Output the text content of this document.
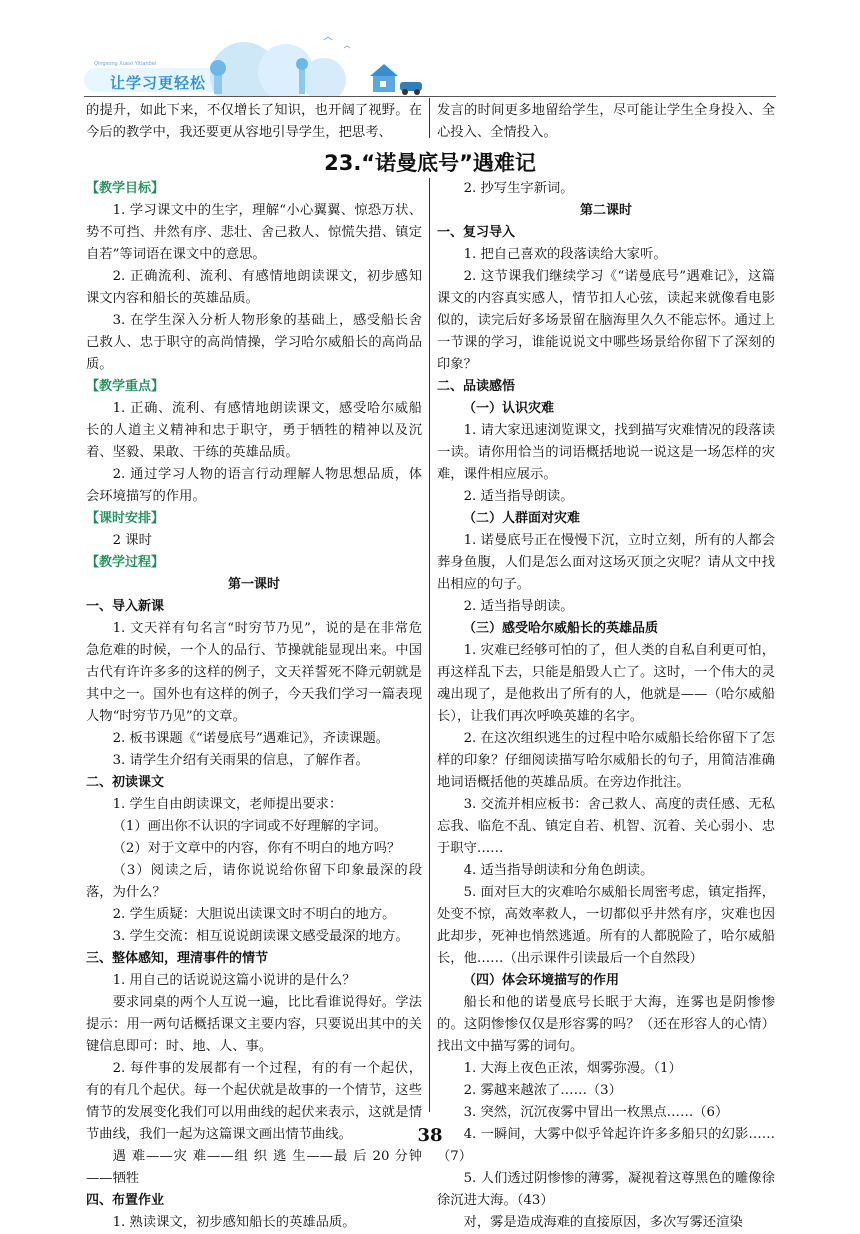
Qingsong Xuexi Yitianbei
让学习更轻松

的提升，如此下来，不仅增长了知识，也开阔了视野。在今后的教学中，我还要更从容地引导学生，把思考、

发言的时间更多地留给学生，尽可能让学生全身投入、全心投入、全情投入。

23.“诺曼底号”遇难记

【教学目标】

1. 学习课文中的生字，理解“小心翼翼、惊恐万状、势不可挡、井然有序、悲壮、舍己救人、惊慌失措、镇定自若”等词语在课文中的意思。

2. 正确流利、流利、有感情地朗读课文，初步感知课文内容和船长的英雄品质。

3. 在学生深入分析人物形象的基础上，感受船长舍己救人、忠于职守的高尚情操，学习哈尔威船长的高尚品质。

【教学重点】

1. 正确、流利、有感情地朗读课文，感受哈尔威船长的人道主义精神和忠于职守，勇于牺牲的精神以及沉着、坚毅、果敢、干练的英雄品质。

2. 通过学习人物的语言行动理解人物思想品质，体会环境描写的作用。

【课时安排】

2 课时

【教学过程】

第一课时

一、导入新课

1. 文天祥有句名言“时穷节乃见”，说的是在非常危急危难的时候，一个人的品行、节操就能显现出来。中国古代有许许多多的这样的例子，文天祥誓死不降元朝就是其中之一。国外也有这样的例子，今天我们学习一篇表现人物“时穷节乃见”的文章。

2. 板书课题《“诺曼底号”遇难记》，齐读课题。

3. 请学生介绍有关雨果的信息，了解作者。

二、初读课文

1. 学生自由朗读课文，老师提出要求：

（1）画出你不认识的字词或不好理解的字词。

（2）对于文章中的内容，你有不明白的地方吗？

（3）阅读之后，请你说说给你留下印象最深的段落，为什么？

2. 学生质疑：大胆说出读课文时不明白的地方。

3. 学生交流：相互说说朗读课文感受最深的地方。

三、整体感知，理清事件的情节

1. 用自己的话说说这篇小说讲的是什么？

要求同桌的两个人互说一遍，比比看谁说得好。学法提示：用一两句话概括课文主要内容，只要说出其中的关键信息即可：时、地、人、事。

2. 每件事的发展都有一个过程，有的有一个起伏，有的有几个起伏。每一个起伏就是故事的一个情节，这些情节的发展变化我们可以用曲线的起伏来表示，这就是情节曲线，我们一起为这篇课文画出情节曲线。

遇 难——灾 难——组 织 逃 生——最 后 20 分钟——牺牲

四、布置作业

1. 熟读课文，初步感知船长的英雄品质。

2. 抄写生字新词。

第二课时

一、复习导入

1. 把自己喜欢的段落读给大家听。

2. 这节课我们继续学习《“诺曼底号”遇难记》，这篇课文的内容真实感人，情节扣人心弦，读起来就像看电影似的，读完后好多场景留在脑海里久久不能忘怀。通过上一节课的学习，谁能说说文中哪些场景给你留下了深刻的印象？

二、品读感悟

（一）认识灾难

1. 请大家迅速浏览课文，找到描写灾难情况的段落读一读。请你用恰当的词语概括地说一说这是一场怎样的灾难，课件相应展示。

2. 适当指导朗读。

（二）人群面对灾难

1. 诺曼底号正在慢慢下沉，立时立刻，所有的人都会葬身鱼腹，人们是怎么面对这场灭顶之灾呢？请从文中找出相应的句子。

2. 适当指导朗读。

（三）感受哈尔威船长的英雄品质

1. 灾难已经够可怕的了，但人类的自私自利更可怕，再这样乱下去，只能是船毁人亡了。这时，一个伟大的灵魂出现了，是他救出了所有的人，他就是——（哈尔威船长），让我们再次呼唤英雄的名字。

2. 在这次组织逃生的过程中哈尔威船长给你留下了怎样的印象？仔细阅读描写哈尔威船长的句子，用简洁准确地词语概括他的英雄品质。在旁边作批注。

3. 交流并相应板书：舍己救人、高度的责任感、无私忘我、临危不乱、镇定自若、机智、沉着、关心弱小、忠于职守……

4. 适当指导朗读和分角色朗读。

5. 面对巨大的灾难哈尔威船长周密考虑，镇定指挥，处变不惊，高效率救人，一切都似乎井然有序，灾难也因此却步，死神也悄然逃遁。所有的人都脱险了，哈尔威船长，他……（出示课件引读最后一个自然段）

（四）体会环境描写的作用

船长和他的诺曼底号长眠于大海，连雾也是阴惨惨的。这阴惨惨仅仅是形容雾的吗？（还在形容人的心情）找出文中描写雾的词句。

1. 大海上夜色正浓，烟雾弥漫。（1）

2. 雾越来越浓了……（3）

3. 突然，沉沉夜雾中冒出一枚黑点……（6）

4. 一瞬间，大雾中似乎耸起许许多多船只的幻影……（7）

5. 人们透过阴惨惨的薄雾，凝视着这尊黑色的雕像徐徐沉进大海。（43）

对，雾是造成海难的直接原因，多次写雾还渲染

38
